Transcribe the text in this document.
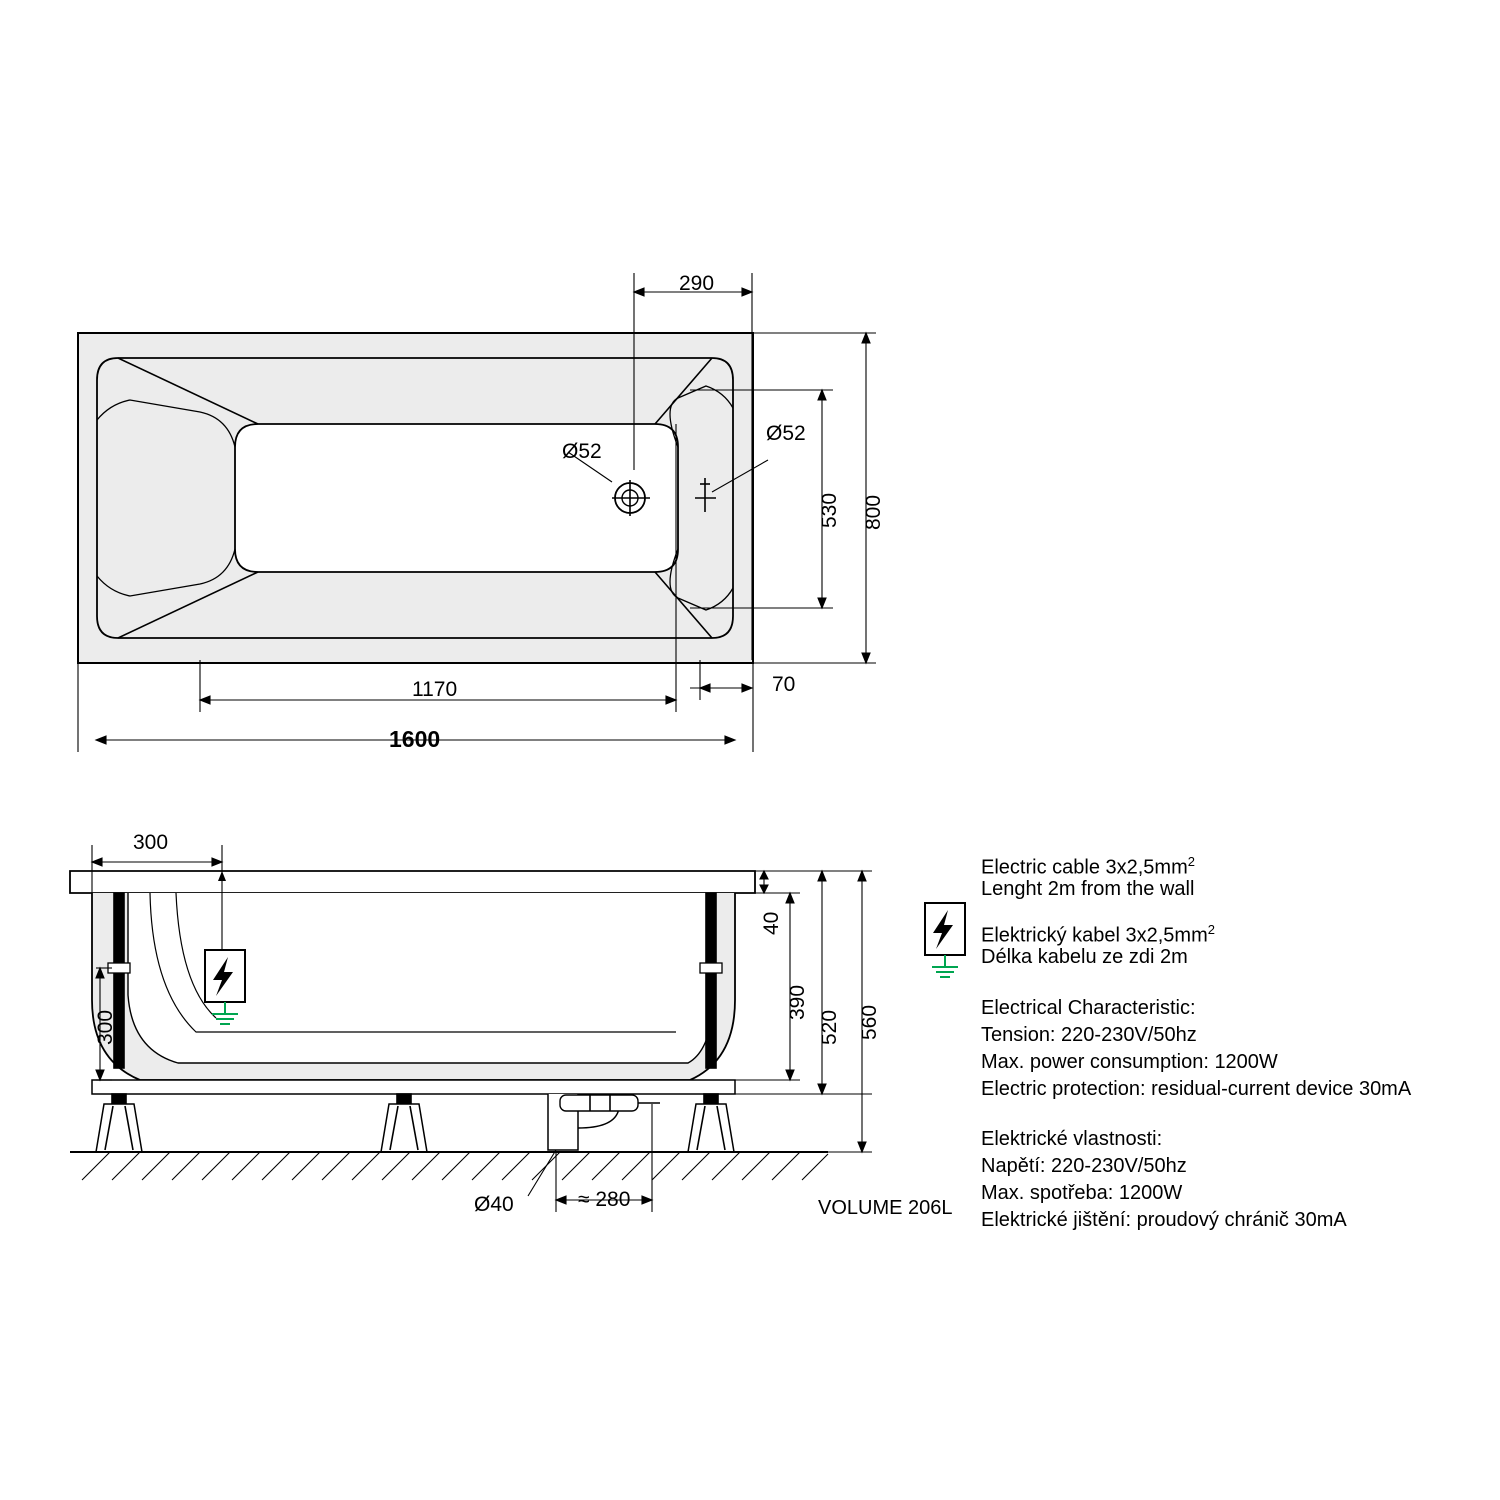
290
1170
1600
70
800
530
Ø52
Ø52
300
300
40
390
520 560
Ø40	≈ 280	VOLUME 206L
Electric cable $3x2,5mm^2$
Lenght 2m from the wall
Elektrický kabel $3x2,5mm^2$
Délka kabelu ze zdi 2m
Electrical Characteristic:
Tension: 220-230V/50hz
Max. power consumption: 1200W
Electric protection: residual-current device 30mA
Elektrické vlastnosti:
Napětí: 220-230V/50hz
Max. spotřeba: 1200W
Elektrické jištění: proudový chránič 30mA
